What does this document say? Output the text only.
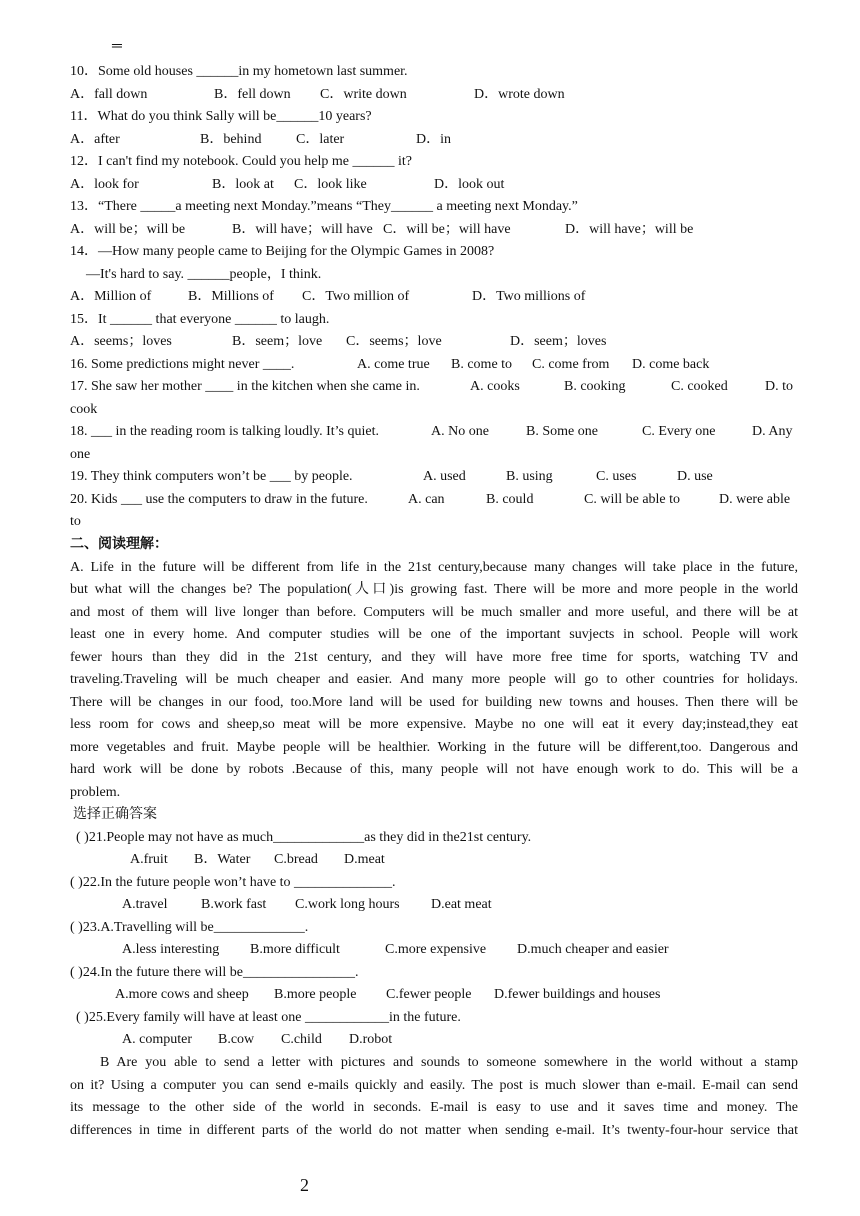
═
10．Some old houses ______in my hometown last summer.
A．fall down	B．fell down C．write down	D．wrote down
11．What do you think Sally will be______10 years?
A．after	B．behind C．later	D．in
12．I can't find my notebook. Could you help me ______ it?
A．look for	B．look at C．look like	D．look out
13．“There _____a meeting next Monday.”means “They______ a meeting next Monday.”
A．will be；will be	B．will have；will have C．will be；will have	D．will have；will be
14．—How many people came to Beijing for the Olympic Games in 2008?
—It's hard to say. ______people，I think.
A．Million of	B．Millions of C．Two million of	D．Two millions of
15．It ______ that everyone ______ to laugh.
A．seems；loves	B．seem；love C．seems；love	D．seem；loves
16. Some predictions might never ____.	A. come true B. come to C. come from D. come back
17. She saw her mother ____ in the kitchen when she came in.	A. cooks	B. cooking	C. cooked	D. to
cook
18. ___ in the reading room is talking loudly. It’s quiet.	A. No one	B. Some one	C. Every one	D. Any
one
19. They think computers won’t be ___ by people.	A. used	B. using	C. uses	D. use
20. Kids ___ use the computers to draw in the future.	A. can	B. could	C. will be able to	D. were able
to
二、阅读理解：
A. Life in the future will be different from life in the 21st century,because many changes will take place in the future,
but what will the changes be? The population(人口)is growing fast. There will be more and more people in the world
and most of them will live longer than before. Computers will be much smaller and more useful, and there will be at
least one in every home. And computer studies will be one of the important suvjects in school. People will work
fewer hours than they did in the 21st century, and they will have more free time for sports, watching TV and
traveling.Traveling will be much cheaper and easier. And many more people will go to other countries for holidays.
There will be changes in our food, too.More land will be used for building new towns and houses. Then there will be
less room for cows and sheep,so meat will be more expensive. Maybe no one will eat it every day;instead,they eat
more vegetables and fruit. Maybe people will be healthier. Working in the future will be different,too. Dangerous and
hard work will be done by robots .Because of this, many people will not have enough work to do. This will be a
problem.
选择正确答案
( )21.People may not have as much_____________as they did in the21st century.
A.fruit B．Water C.bread D.meat
( )22.In the future people won’t have to ______________.
A.travel B.work fast C.work long hours D.eat meat
( )23.A.Travelling will be_____________.
A.less interesting B.more difficult	C.more expensive D.much cheaper and easier
( )24.In the future there will be________________.
A.more cows and sheep B.more people C.fewer people D.fewer buildings and houses
( )25.Every family will have at least one ____________in the future.
A. computer B.cow C.child D.robot
B Are you able to send a letter with pictures and sounds to someone somewhere in the world without a stamp
on it? Using a computer you can send e-mails quickly and easily. The post is much slower than e-mail. E-mail can send
its message to the other side of the world in seconds. E-mail is easy to use and it saves time and money. The
differences in time in different parts of the world do not matter when sending e-mail. It’s twenty-four-hour service that
2
